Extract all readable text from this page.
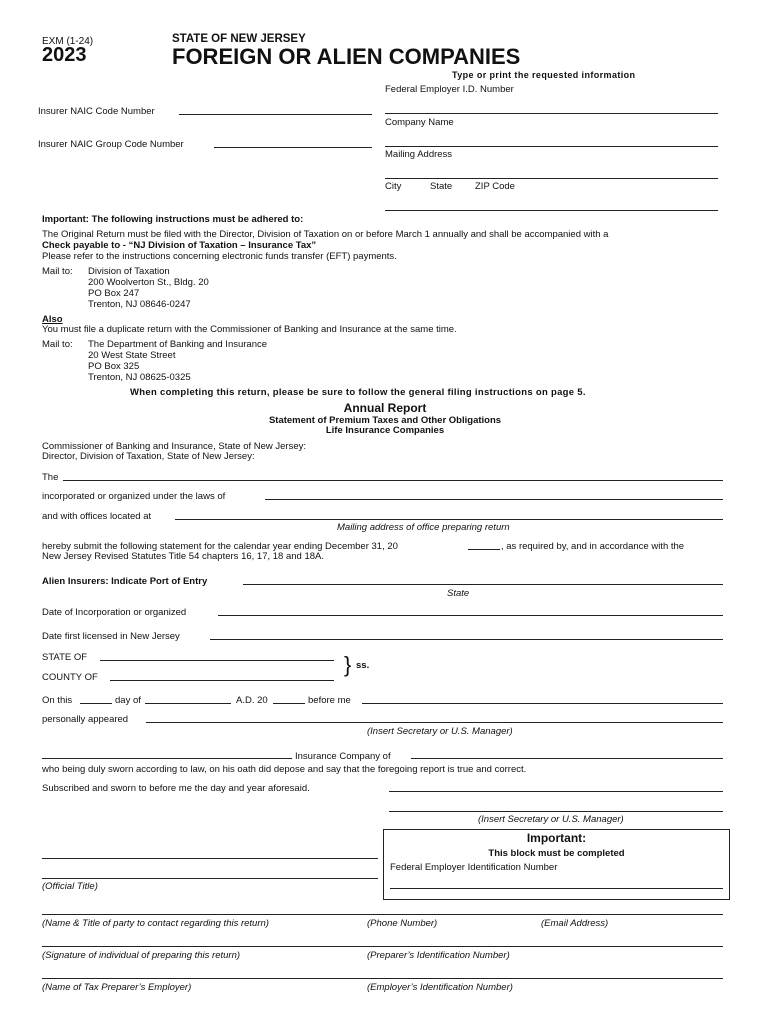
EXM (1-24)
2023
STATE OF NEW JERSEY
FOREIGN OR ALIEN COMPANIES
Type or print the requested information
Federal Employer I.D. Number
Company Name
Mailing Address
City	State ZIP Code
Insurer NAIC Code Number
Insurer NAIC Group Code Number
Important: The following instructions must be adhered to:
The Original Return must be filed with the Director, Division of Taxation on or before March 1 annually and shall be accompanied with a
Check payable to - “NJ Division of Taxation – Insurance Tax”
Please refer to the instructions concerning electronic funds transfer (EFT) payments.
Mail to: Division of Taxation
200 Woolverton St., Bldg. 20
PO Box 247
Trenton, NJ 08646-0247
Also
You must file a duplicate return with the Commissioner of Banking and Insurance at the same time.
Mail to: The Department of Banking and Insurance
20 West State Street
PO Box 325
Trenton, NJ 08625-0325
When completing this return, please be sure to follow the general filing instructions on page 5.
Annual Report
Statement of Premium Taxes and Other Obligations
Life Insurance Companies
Commissioner of Banking and Insurance, State of New Jersey:
Director, Division of Taxation, State of New Jersey:
The
incorporated or organized under the laws of
and with offices located at
Mailing address of office preparing return
hereby submit the following statement for the calendar year ending December 31, 20	, as required by, and in accordance with the
New Jersey Revised Statutes Title 54 chapters 16, 17, 18 and 18A.
Alien Insurers: Indicate Port of Entry
State
Date of Incorporation or organized
Date first licensed in New Jersey
STATE OF
COUNTY OF
} ss.
On this	day of	A.D. 20	before me
personally appeared
(Insert Secretary or U.S. Manager)
Insurance Company of
who being duly sworn according to law, on his oath did depose and say that the foregoing report is true and correct.
Subscribed and sworn to before me the day and year aforesaid.
(Insert Secretary or U.S. Manager)
Important:
This block must be completed
Federal Employer Identification Number
(Official Title)
(Name & Title of party to contact regarding this return)	(Phone Number)	(Email Address)
(Signature of individual of preparing this return)	(Preparer’s Identification Number)
(Name of Tax Preparer’s Employer)	(Employer’s Identification Number)
